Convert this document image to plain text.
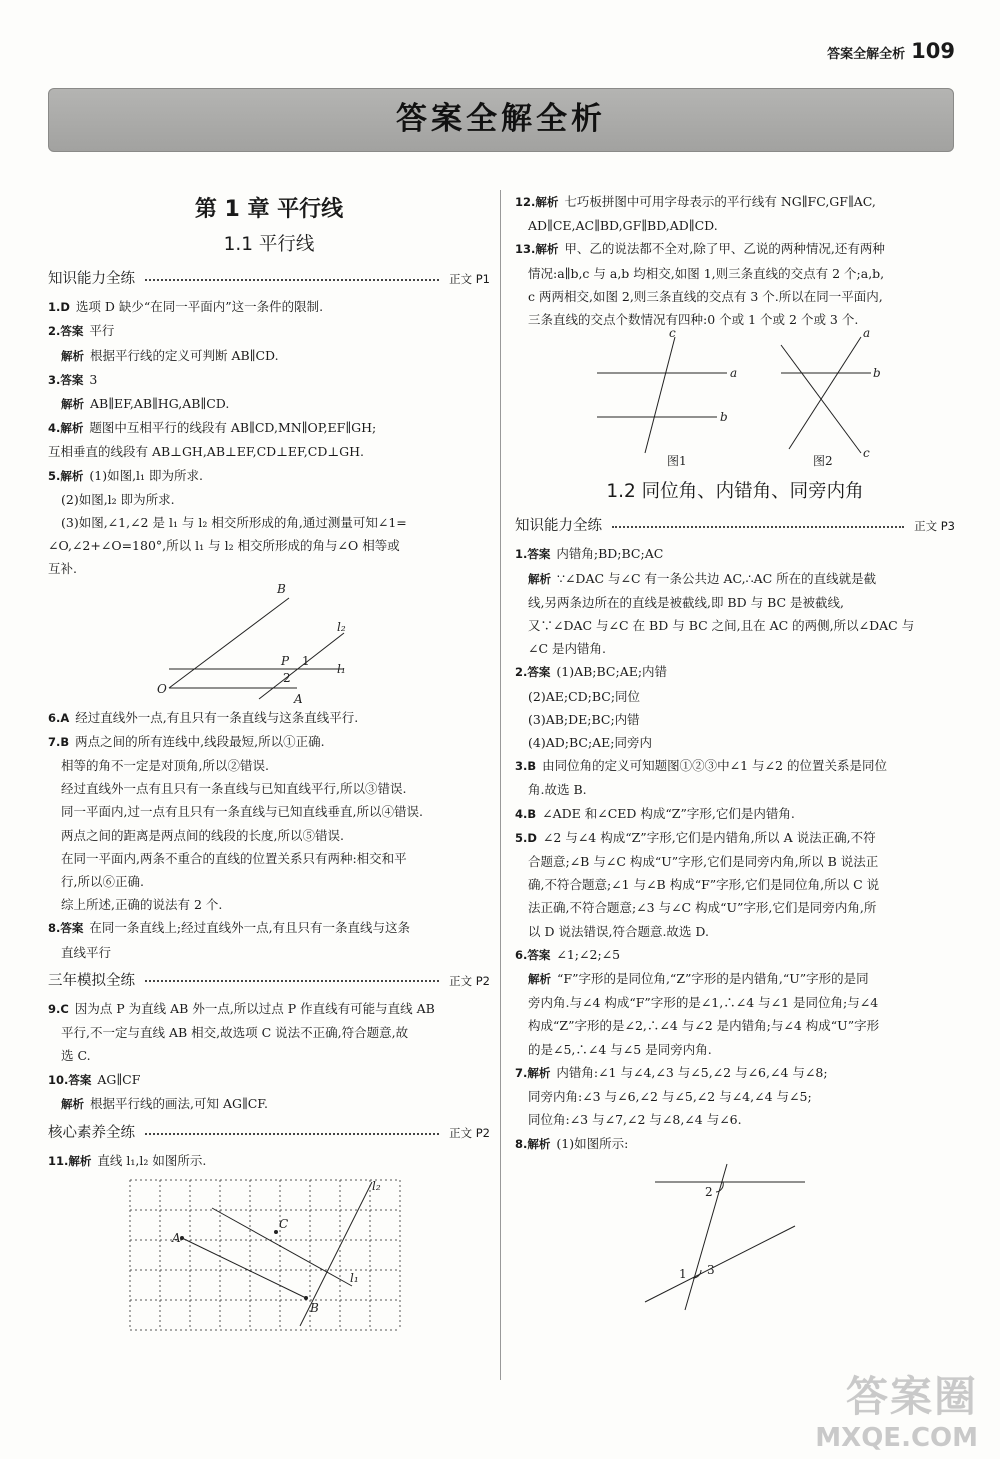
答案全解全析 109
答案全解全析
第 1 章 平行线
1.1 平行线
知识能力全练	正文 P1
1.D 选项 D 缺少“在同一平面内”这一条件的限制.
2.答案 平行
解析 根据平行线的定义可判断 AB∥CD.
3.答案 3
解析 AB∥EF,AB∥HG,AB∥CD.
4.解析 题图中互相平行的线段有 AB∥CD,MN∥OP,EF∥GH;
互相垂直的线段有 AB⊥GH,AB⊥EF,CD⊥EF,CD⊥GH.
5.解析 (1)如图,l₁ 即为所求.
(2)如图,l₂ 即为所求.
(3)如图,∠1,∠2 是 l₁ 与 l₂ 相交所形成的角,通过测量可知∠1=
∠O,∠2+∠O=180°,所以 l₁ 与 l₂ 相交所形成的角与∠O 相等或
互补.
B
l₂
P 1
l₁
2
O
A
6.A 经过直线外一点,有且只有一条直线与这条直线平行.
7.B 两点之间的所有连线中,线段最短,所以①正确.
相等的角不一定是对顶角,所以②错误.
经过直线外一点有且只有一条直线与已知直线平行,所以③错误.
同一平面内,过一点有且只有一条直线与已知直线垂直,所以④错误.
两点之间的距离是两点间的线段的长度,所以⑤错误.
在同一平面内,两条不重合的直线的位置关系只有两种:相交和平
行,所以⑥正确.
综上所述,正确的说法有 2 个.
8.答案 在同一条直线上;经过直线外一点,有且只有一条直线与这条
直线平行
三年模拟全练	正文 P2
9.C 因为点 P 为直线 AB 外一点,所以过点 P 作直线有可能与直线 AB
平行,不一定与直线 AB 相交,故选项 C 说法不正确,符合题意,故
选 C.
10.答案 AG∥CF
解析 根据平行线的画法,可知 AG∥CF.
核心素养全练	正文 P2
11.解析 直线 l₁,l₂ 如图所示.
l₂
C
A
l₁
B
12.解析 七巧板拼图中可用字母表示的平行线有 NG∥FC,GF∥AC,
AD∥CE,AC∥BD,GF∥BD,AD∥CD.
13.解析 甲、乙的说法都不全对,除了甲、乙说的两种情况,还有两种
情况:a∥b,c 与 a,b 均相交,如图 1,则三条直线的交点有 2 个;a,b,
c 两两相交,如图 2,则三条直线的交点有 3 个.所以在同一平面内,
三条直线的交点个数情况有四种:0 个或 1 个或 2 个或 3 个.
c
a
b
图1
a
b
c
图2
1.2 同位角、内错角、同旁内角
知识能力全练	正文 P3
1.答案 内错角;BD;BC;AC
解析 ∵∠DAC 与∠C 有一条公共边 AC,∴AC 所在的直线就是截
线,另两条边所在的直线是被截线,即 BD 与 BC 是被截线,
又∵∠DAC 与∠C 在 BD 与 BC 之间,且在 AC 的两侧,所以∠DAC 与
∠C 是内错角.
2.答案 (1)AB;BC;AE;内错
(2)AE;CD;BC;同位
(3)AB;DE;BC;内错
(4)AD;BC;AE;同旁内
3.B 由同位角的定义可知题图①②③中∠1 与∠2 的位置关系是同位
角.故选 B.
4.B ∠ADE 和∠CED 构成“Z”字形,它们是内错角.
5.D ∠2 与∠4 构成“Z”字形,它们是内错角,所以 A 说法正确,不符
合题意;∠B 与∠C 构成“U”字形,它们是同旁内角,所以 B 说法正
确,不符合题意;∠1 与∠B 构成“F”字形,它们是同位角,所以 C 说
法正确,不符合题意;∠3 与∠C 构成“U”字形,它们是同旁内角,所
以 D 说法错误,符合题意.故选 D.
6.答案 ∠1;∠2;∠5
解析 “F”字形的是同位角,“Z”字形的是内错角,“U”字形的是同
旁内角.与∠4 构成“F”字形的是∠1,∴∠4 与∠1 是同位角;与∠4
构成“Z”字形的是∠2,∴∠4 与∠2 是内错角;与∠4 构成“U”字形
的是∠5,∴∠4 与∠5 是同旁内角.
7.解析 内错角:∠1 与∠4,∠3 与∠5,∠2 与∠6,∠4 与∠8;
同旁内角:∠3 与∠6,∠2 与∠5,∠2 与∠4,∠4 与∠5;
同位角:∠3 与∠7,∠2 与∠8,∠4 与∠6.
8.解析 (1)如图所示:
2
1 3
答案圈
MXQE.COM
